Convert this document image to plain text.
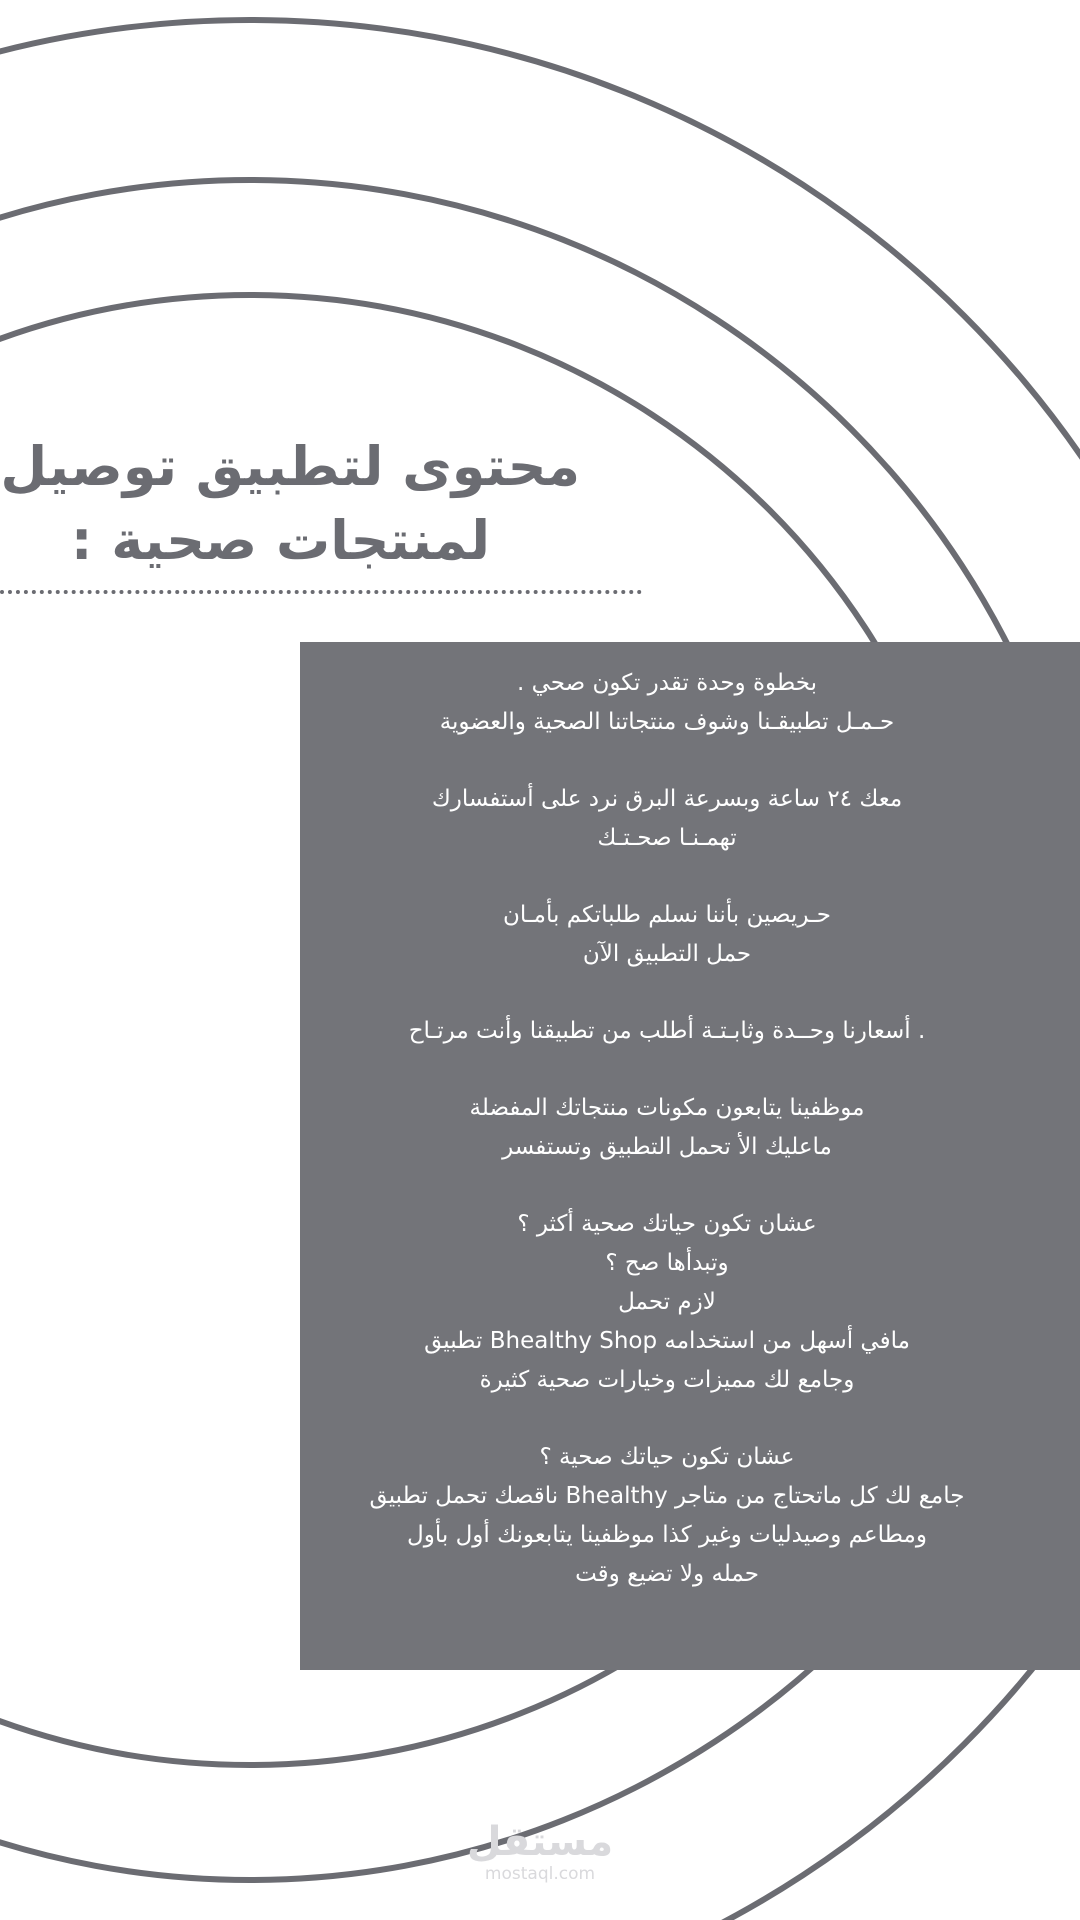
محتوى لتطبيق توصيل
لمنتجات صحية :
بخطوة وحدة تقدر تكون صحي .
حـمـل تطبيقـنا وشوف منتجاتنا الصحية والعضوية
معك ٢٤ ساعة وبسرعة البرق نرد على أستفسارك
تهمـنـا صحـتـك
حـريصين بأننا نسلم طلباتكم بأمـان
حمل التطبيق الآن
. أسعارنا وحــدة وثابـتـة أطلب من تطبيقنا وأنت مرتـاح
موظفينا يتابعون مكونات منتجاتك المفضلة
ماعليك الأ تحمل التطبيق وتستفسر
عشان تكون حياتك صحية أكثر ؟
وتبدأها صح ؟
لازم تحمل
مافي أسهل من استخدامه Bhealthy Shop تطبيق
وجامع لك مميزات وخيارات صحية كثيرة
عشان تكون حياتك صحية ؟
جامع لك كل ماتحتاج من متاجر Bhealthy ناقصك تحمل تطبيق
ومطاعم وصيدليات وغير كذا موظفينا يتابعونك أول بأول
حمله ولا تضيع وقت
مستقل
mostaql.com
